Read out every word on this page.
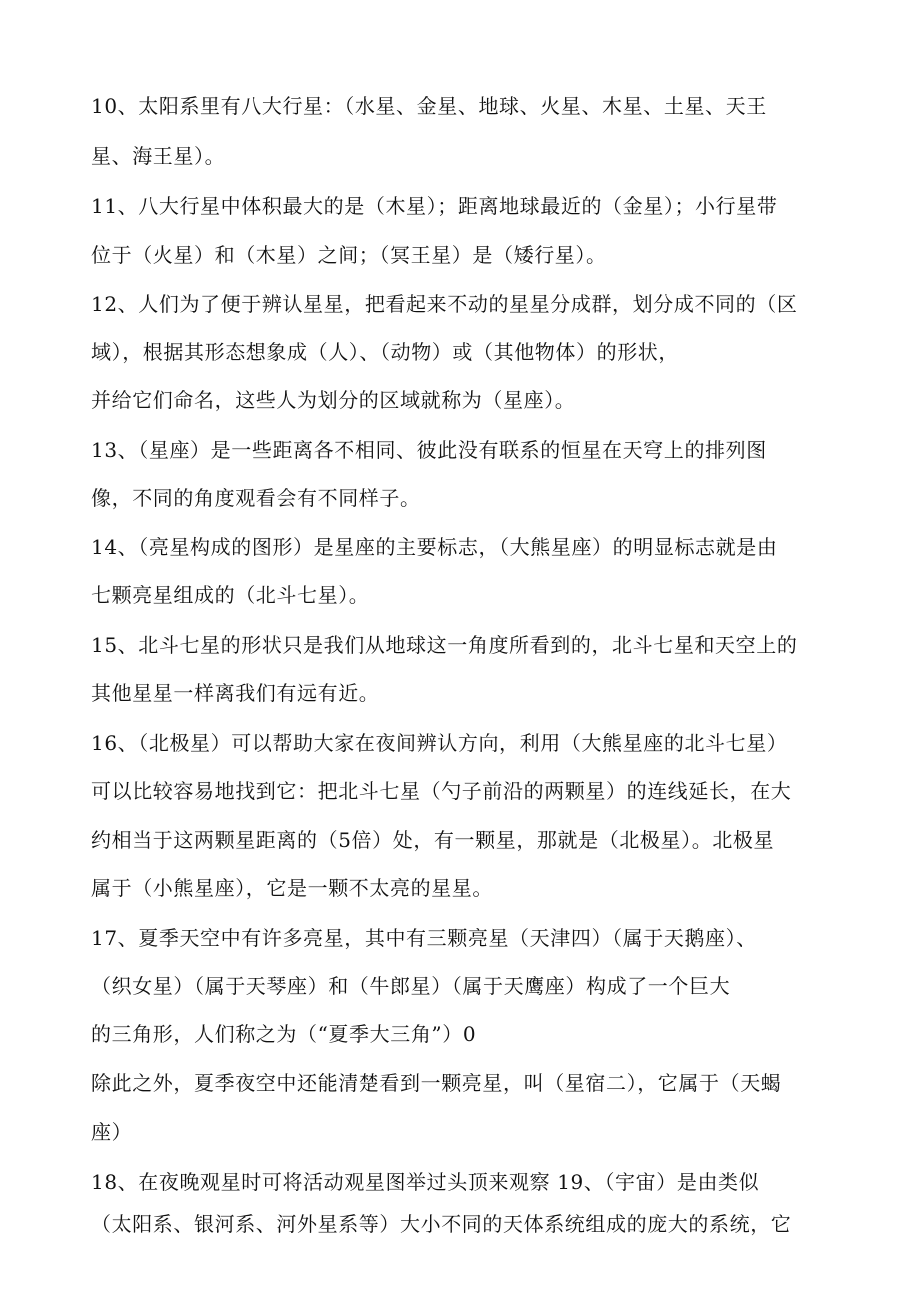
10、太阳系里有八大行星：（水星、金星、地球、火星、木星、土星、天王
星、海王星）。
11、八大行星中体积最大的是（木星）；距离地球最近的（金星）；小行星带
位于（火星）和（木星）之间；（冥王星）是（矮行星）。
12、人们为了便于辨认星星，把看起来不动的星星分成群，划分成不同的（区
域），根据其形态想象成（人）、（动物）或（其他物体）的形状，
并给它们命名，这些人为划分的区域就称为（星座）。
13、（星座）是一些距离各不相同、彼此没有联系的恒星在天穹上的排列图
像，不同的角度观看会有不同样子。
14、（亮星构成的图形）是星座的主要标志，（大熊星座）的明显标志就是由
七颗亮星组成的（北斗七星）。
15、北斗七星的形状只是我们从地球这一角度所看到的，北斗七星和天空上的
其他星星一样离我们有远有近。
16、（北极星）可以帮助大家在夜间辨认方向，利用（大熊星座的北斗七星）
可以比较容易地找到它：把北斗七星（勺子前沿的两颗星）的连线延长，在大
约相当于这两颗星距离的（5倍）处，有一颗星，那就是（北极星）。北极星
属于（小熊星座），它是一颗不太亮的星星。
17、夏季天空中有许多亮星，其中有三颗亮星（天津四）（属于天鹅座）、
（织女星）（属于天琴座）和（牛郎星）（属于天鹰座）构成了一个巨大
的三角形，人们称之为（“夏季大三角”）0
除此之外，夏季夜空中还能清楚看到一颗亮星，叫（星宿二），它属于（天蝎
座）
18、在夜晚观星时可将活动观星图举过头顶来观察 19、（宇宙）是由类似
（太阳系、银河系、河外星系等）大小不同的天体系统组成的庞大的系统，它
